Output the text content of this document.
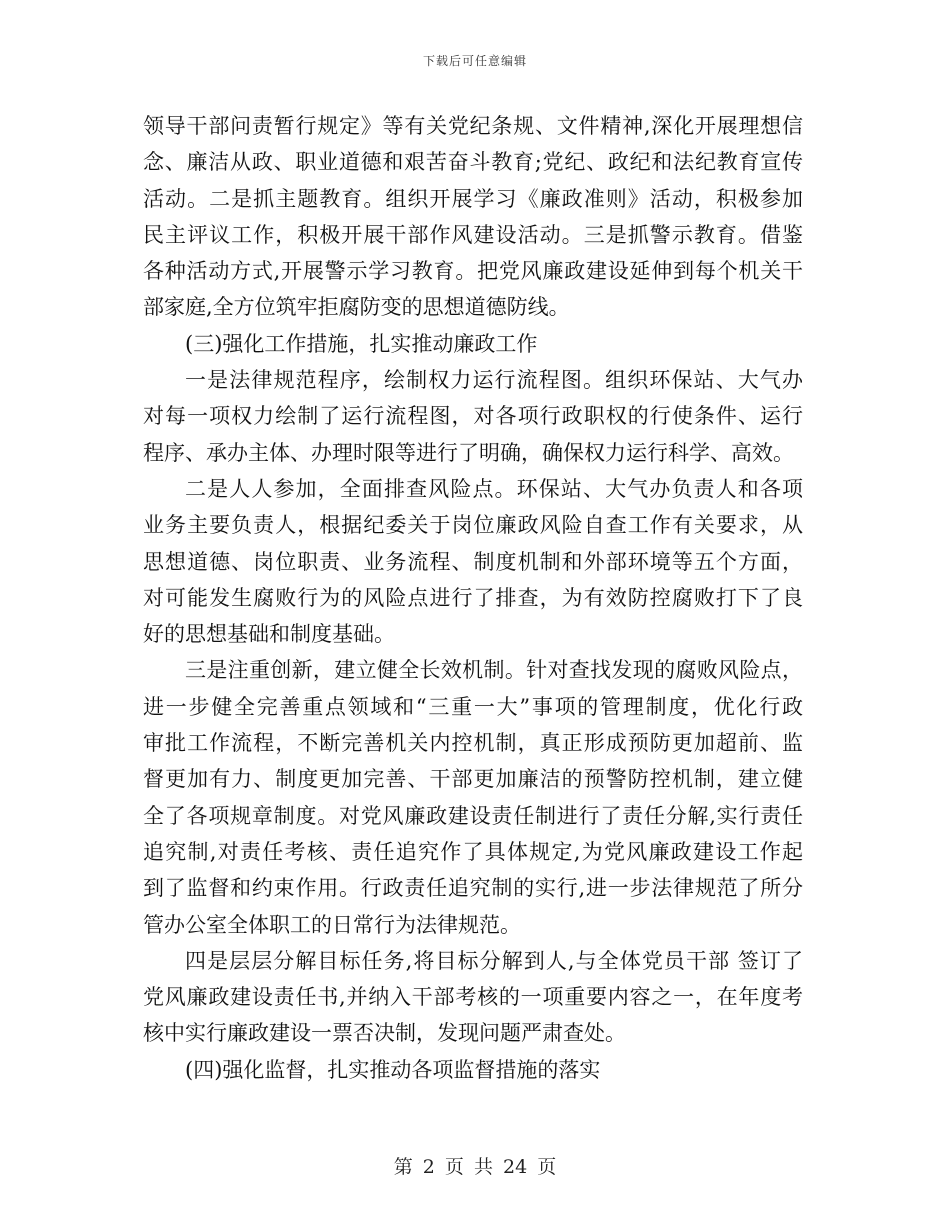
下载后可任意编辑
领导干部问责暂行规定》等有关党纪条规、文件精神,深化开展理想信
念、廉洁从政、职业道德和艰苦奋斗教育;党纪、政纪和法纪教育宣传
活动。二是抓主题教育。组织开展学习《廉政准则》活动，积极参加
民主评议工作，积极开展干部作风建设活动。三是抓警示教育。借鉴
各种活动方式,开展警示学习教育。把党风廉政建设延伸到每个机关干
部家庭,全方位筑牢拒腐防变的思想道德防线。
(三)强化工作措施，扎实推动廉政工作
一是法律规范程序，绘制权力运行流程图。组织环保站、大气办
对每一项权力绘制了运行流程图，对各项行政职权的行使条件、运行
程序、承办主体、办理时限等进行了明确，确保权力运行科学、高效。
二是人人参加，全面排查风险点。环保站、大气办负责人和各项
业务主要负责人，根据纪委关于岗位廉政风险自查工作有关要求，从
思想道德、岗位职责、业务流程、制度机制和外部环境等五个方面，
对可能发生腐败行为的风险点进行了排查，为有效防控腐败打下了良
好的思想基础和制度基础。
三是注重创新，建立健全长效机制。针对查找发现的腐败风险点，
进一步健全完善重点领域和“三重一大”事项的管理制度，优化行政
审批工作流程，不断完善机关内控机制，真正形成预防更加超前、监
督更加有力、制度更加完善、干部更加廉洁的预警防控机制，建立健
全了各项规章制度。对党风廉政建设责任制进行了责任分解,实行责任
追究制,对责任考核、责任追究作了具体规定,为党风廉政建设工作起
到了监督和约束作用。行政责任追究制的实行,进一步法律规范了所分
管办公室全体职工的日常行为法律规范。
四是层层分解目标任务,将目标分解到人,与全体党员干部 签订了
党风廉政建设责任书,并纳入干部考核的一项重要内容之一，在年度考
核中实行廉政建设一票否决制，发现问题严肃查处。
(四)强化监督，扎实推动各项监督措施的落实
第 2 页 共 24 页
